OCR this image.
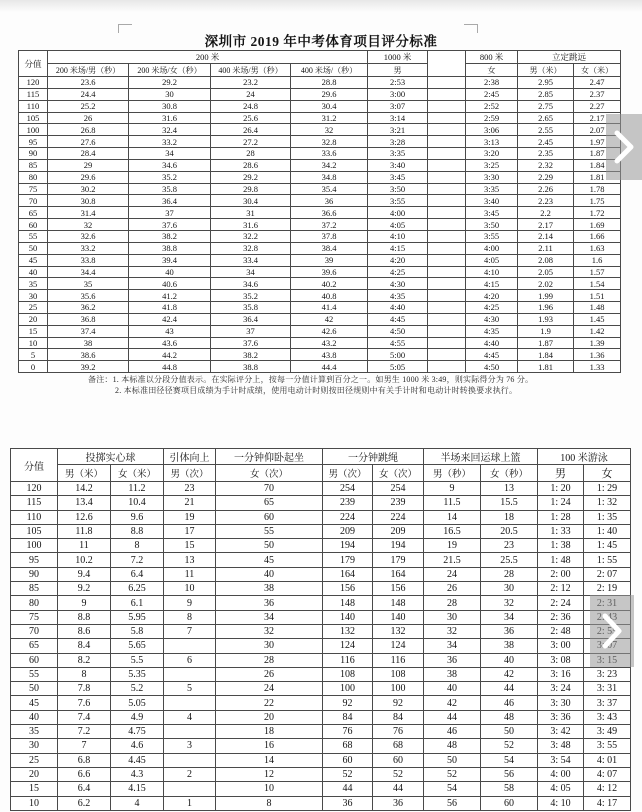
深圳市 2019 年中考体育项目评分标准
分值	200 米				1000 米		800 米	立定跳远	
	200 米场/男（秒）	200 米场/女（秒）	400 米场/男（秒）	400 米场/（秒）	男		女	男（米）	女（米）
120	23.6	29.2	23.2	28.8	2:53		2:38	2.95	2.47
115	24.4	30	24	29.6	3:00		2:45	2.85	2.37
110	25.2	30.8	24.8	30.4	3:07		2:52	2.75	2.27
105	26	31.6	25.6	31.2	3:14		2:59	2.65	2.17
100	26.8	32.4	26.4	32	3:21		3:06	2.55	2.07
95	27.6	33.2	27.2	32.8	3:28		3:13	2.45	1.97
90	28.4	34	28	33.6	3:35		3:20	2.35	1.87
85	29	34.6	28.6	34.2	3:40		3:25	2.32	1.84
80	29.6	35.2	29.2	34.8	3:45		3:30	2.29	1.81
75	30.2	35.8	29.8	35.4	3:50		3:35	2.26	1.78
70	30.8	36.4	30.4	36	3:55		3:40	2.23	1.75
65	31.4	37	31	36.6	4:00		3:45	2.2	1.72
60	32	37.6	31.6	37.2	4:05		3:50	2.17	1.69
55	32.6	38.2	32.2	37.8	4:10		3:55	2.14	1.66
50	33.2	38.8	32.8	38.4	4:15		4:00	2.11	1.63
45	33.8	39.4	33.4	39	4:20		4:05	2.08	1.6
40	34.4	40	34	39.6	4:25		4:10	2.05	1.57
35	35	40.6	34.6	40.2	4:30		4:15	2.02	1.54
30	35.6	41.2	35.2	40.8	4:35		4:20	1.99	1.51
25	36.2	41.8	35.8	41.4	4:40		4:25	1.96	1.48
20	36.8	42.4	36.4	42	4:45		4:30	1.93	1.45
15	37.4	43	37	42.6	4:50		4:35	1.9	1.42
10	38	43.6	37.6	43.2	4:55		4:40	1.87	1.39
5	38.6	44.2	38.2	43.8	5:00		4:45	1.84	1.36
0	39.2	44.8	38.8	44.4	5:05		4:50	1.81	1.33
备注：1. 本标准以分段分值表示。在实际评分上，按每一分值计算到百分之一。如男生 1000 米 3:49，则实际得分为 76 分。
2. 本标准田径径赛项目成绩为手计时成绩，使用电动计时则按田径规则中有关手计时和电动计时转换要求执行。
分值	投掷实心球		引体向上	一分钟仰卧起坐	一分钟跳绳		半场来回运球上篮		100 米游泳	
	男（米）	女（米）	男（次）	女（次）	男（次）	女（次）	男（秒）	女（秒）	男	女
120	14.2	11.2	23	70	254	254	9	13	1: 20	1: 29
115	13.4	10.4	21	65	239	239	11.5	15.5	1: 24	1: 32
110	12.6	9.6	19	60	224	224	14	18	1: 28	1: 35
105	11.8	8.8	17	55	209	209	16.5	20.5	1: 33	1: 40
100	11	8	15	50	194	194	19	23	1: 38	1: 45
95	10.2	7.2	13	45	179	179	21.5	25.5	1: 48	1: 55
90	9.4	6.4	11	40	164	164	24	28	2: 00	2: 07
85	9.2	6.25	10	38	156	156	26	30	2: 12	2: 19
80	9	6.1	9	36	148	148	28	32	2: 24	
75	8.8	5.95	8	34	140	140	30	34	2: 36	
70	8.6	5.8	7	32	132	132	32	36	2: 48	
65	8.4	5.65		30	124	124	34	38	3: 00	
60	8.2	5.5	6	28	116	116	36	40	3: 08	
55	8	5.35		26	108	108	38	42	3: 16	3: 23
50	7.8	5.2	5	24	100	100	40	44	3: 24	3: 31
45	7.6	5.05		22	92	92	42	46	3: 30	3: 37
40	7.4	4.9	4	20	84	84	44	48	3: 36	3: 43
35	7.2	4.75		18	76	76	46	50	3: 42	3: 49
30	7	4.6	3	16	68	68	48	52	3: 48	3: 55
25	6.8	4.45		14	60	60	50	54	3: 54	4: 01
20	6.6	4.3	2	12	52	52	52	56	4: 00	4: 07
15	6.4	4.15		10	44	44	54	58	4: 05	4: 12
10	6.2	4	1	8	36	36	56	60	4: 10	4: 17
